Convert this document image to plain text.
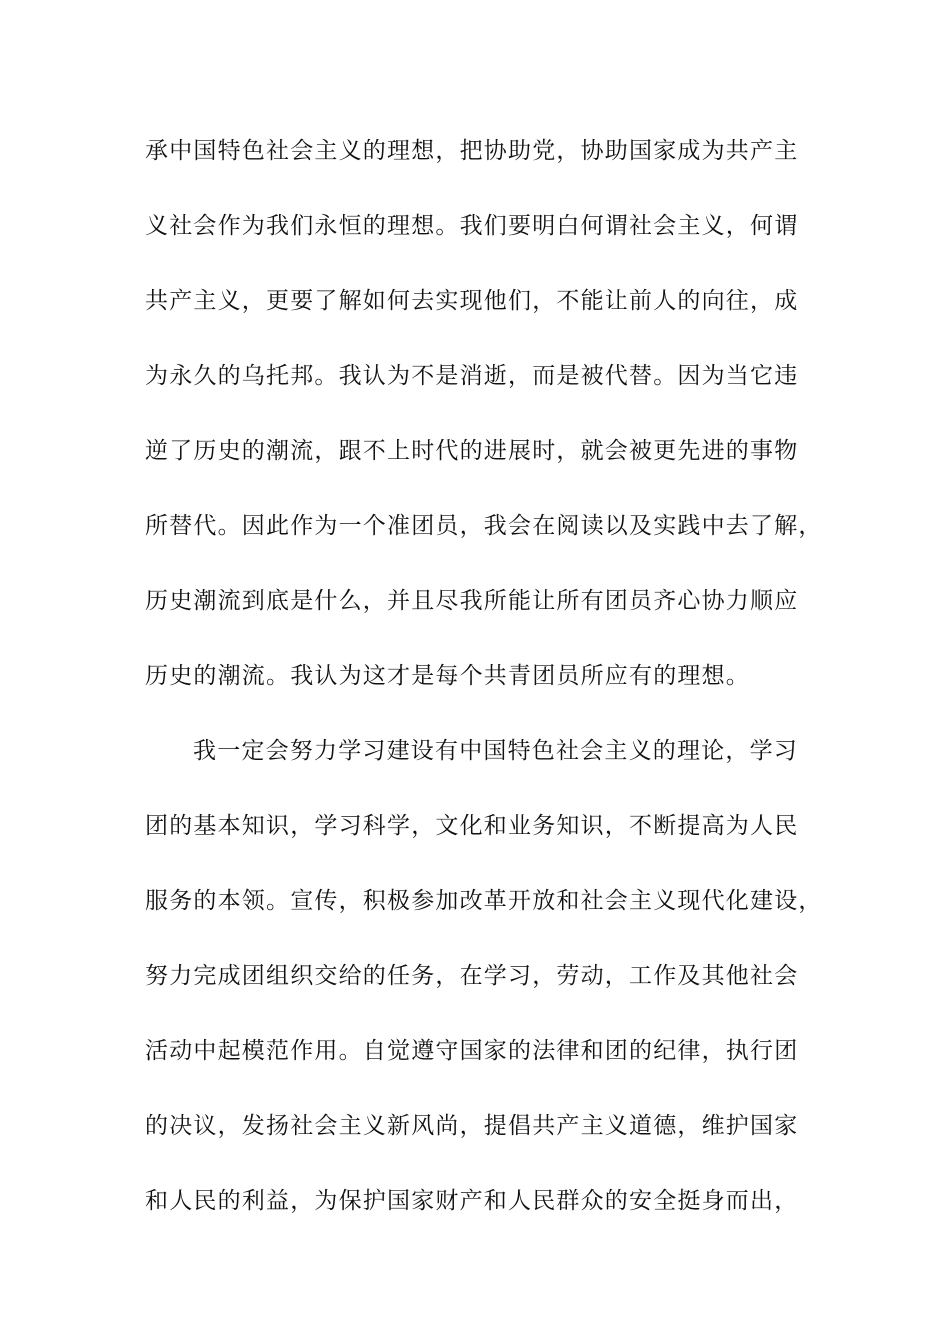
承中国特色社会主义的理想，把协助党，协助国家成为共产主
义社会作为我们永恒的理想。我们要明白何谓社会主义，何谓
共产主义，更要了解如何去实现他们，不能让前人的向往，成
为永久的乌托邦。我认为不是消逝，而是被代替。因为当它违
逆了历史的潮流，跟不上时代的进展时，就会被更先进的事物
所替代。因此作为一个准团员，我会在阅读以及实践中去了解，
历史潮流到底是什么，并且尽我所能让所有团员齐心协力顺应
历史的潮流。我认为这才是每个共青团员所应有的理想。
我一定会努力学习建设有中国特色社会主义的理论，学习
团的基本知识，学习科学，文化和业务知识，不断提高为人民
服务的本领。宣传，积极参加改革开放和社会主义现代化建设，
努力完成团组织交给的任务，在学习，劳动，工作及其他社会
活动中起模范作用。自觉遵守国家的法律和团的纪律，执行团
的决议，发扬社会主义新风尚，提倡共产主义道德，维护国家
和人民的利益，为保护国家财产和人民群众的安全挺身而出，
